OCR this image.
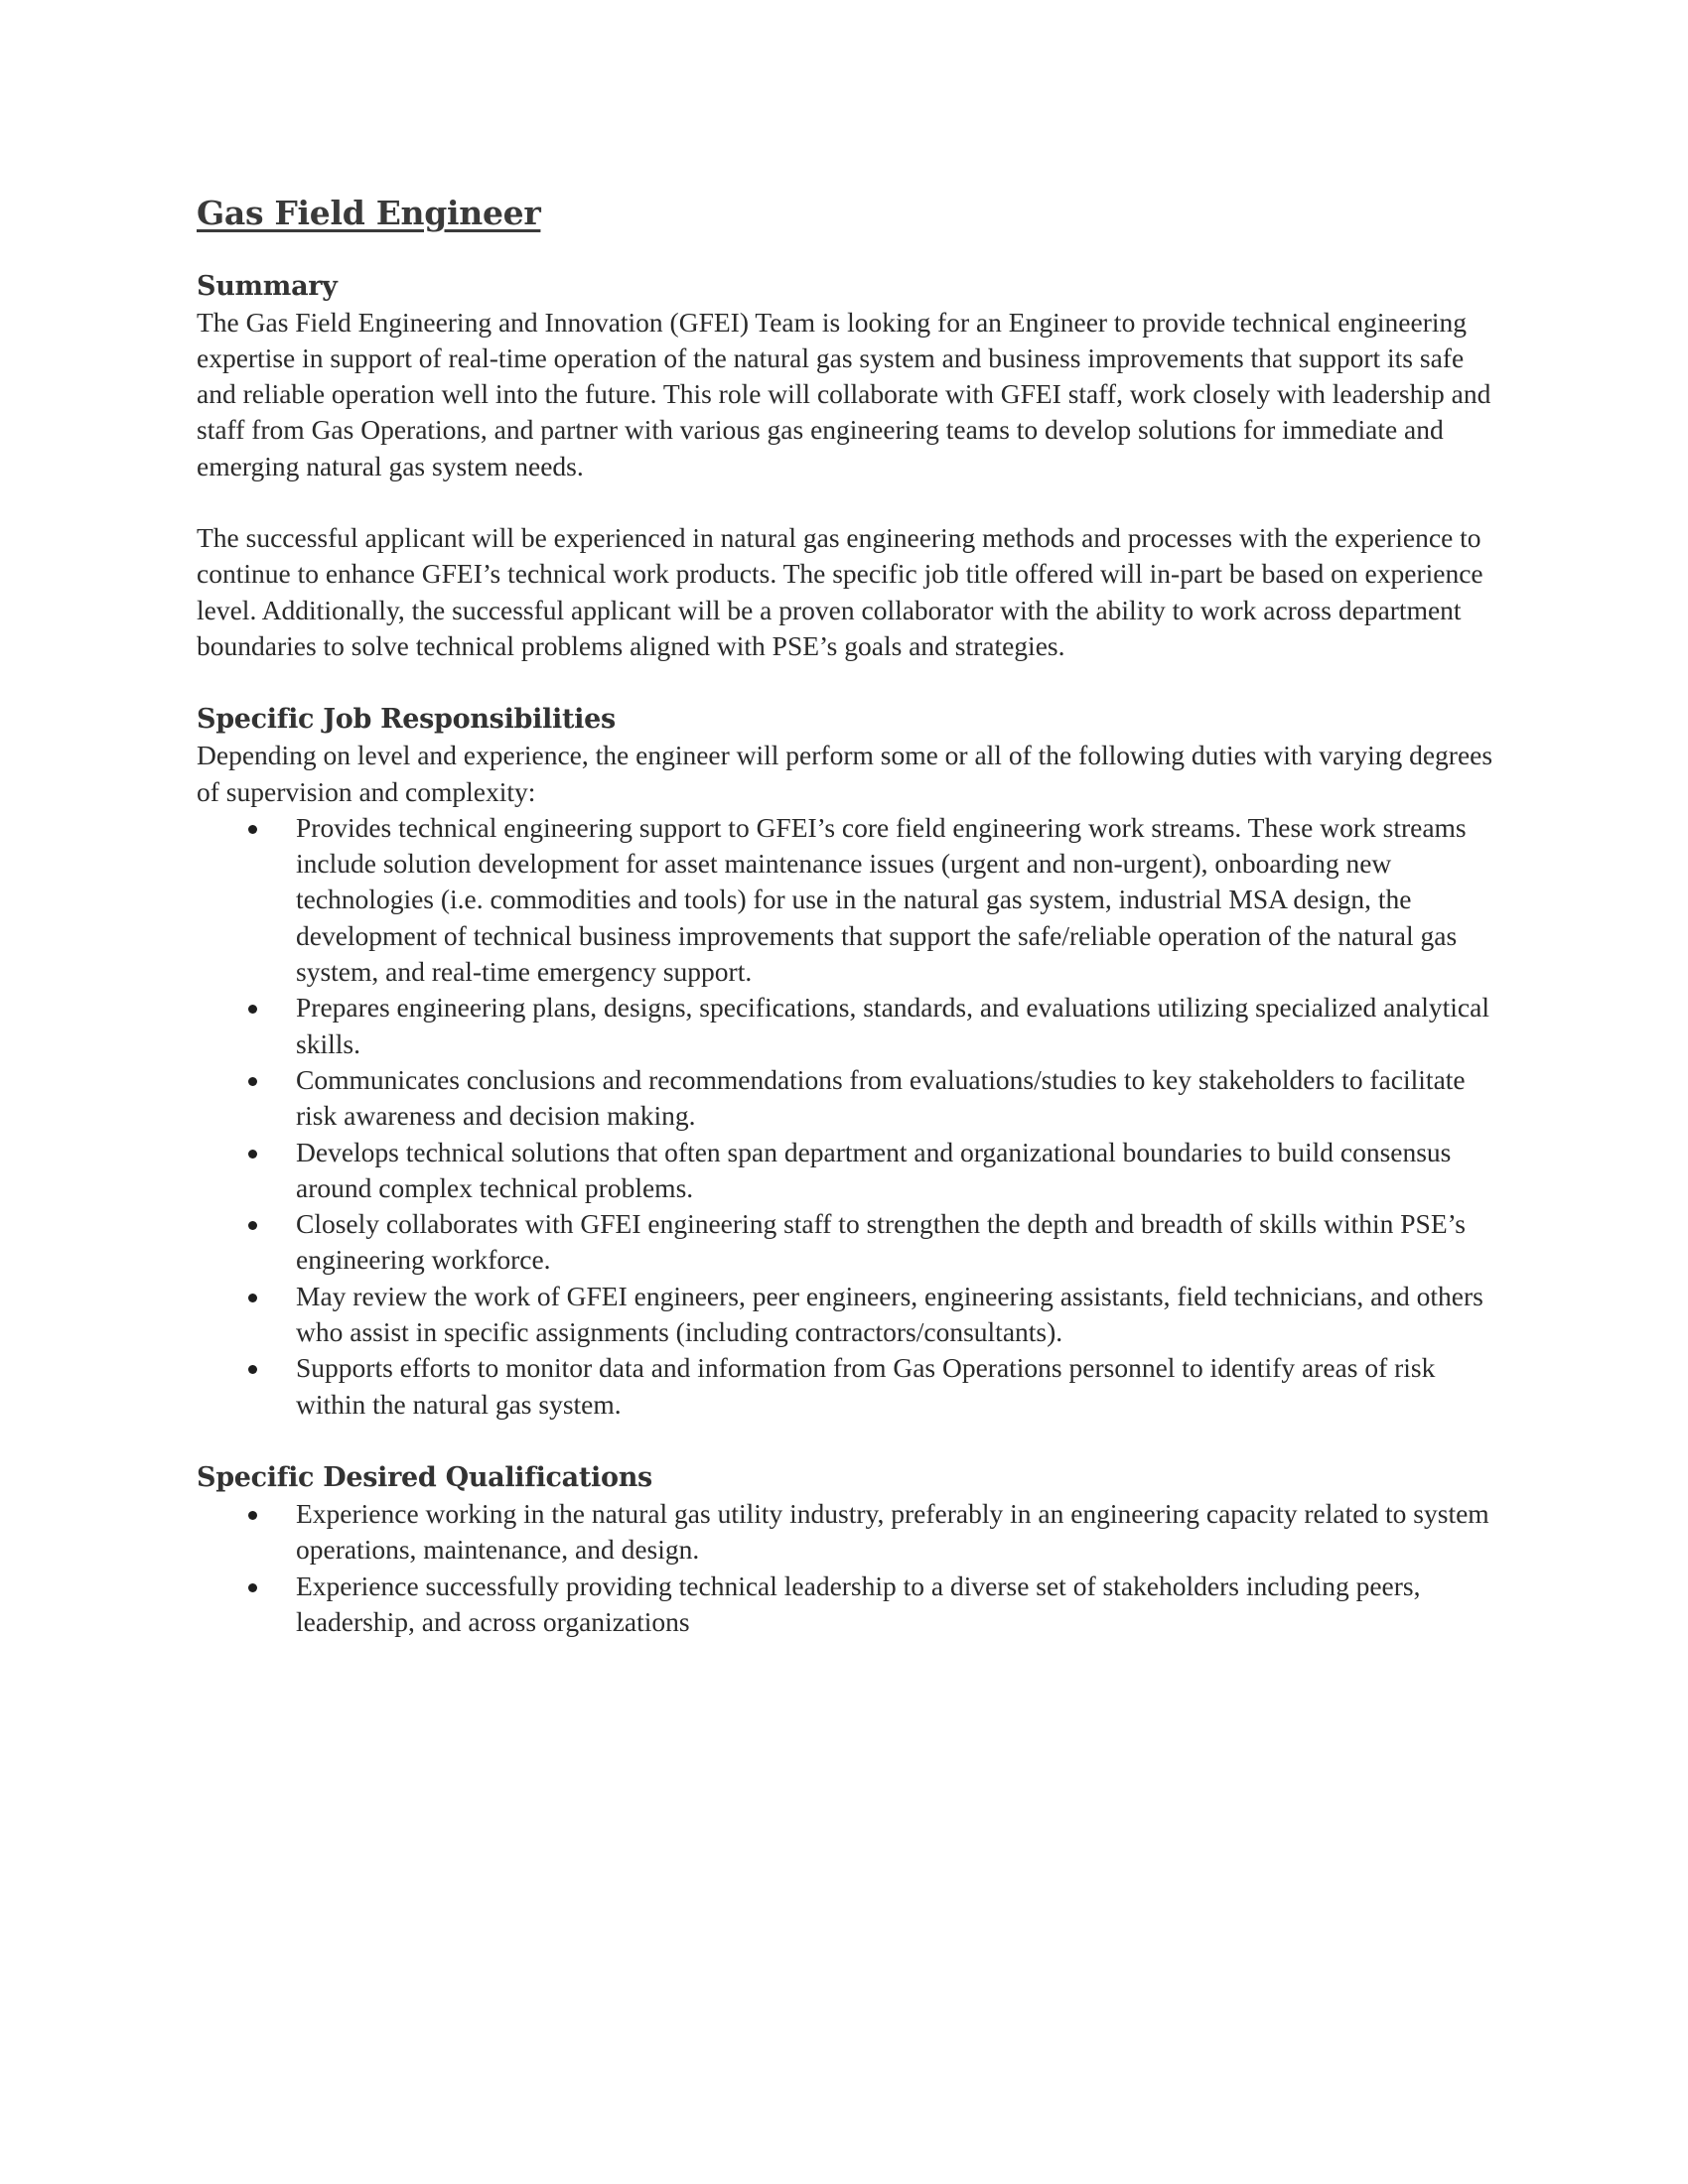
Gas Field Engineer
Summary

The Gas Field Engineering and Innovation (GFEI) Team is looking for an Engineer to provide technical engineering expertise in support of real-time operation of the natural gas system and business improvements that support its safe and reliable operation well into the future. This role will collaborate with GFEI staff, work closely with leadership and staff from Gas Operations, and partner with various gas engineering teams to develop solutions for immediate and emerging natural gas system needs.

The successful applicant will be experienced in natural gas engineering methods and processes with the experience to continue to enhance GFEI’s technical work products. The specific job title offered will in-part be based on experience level. Additionally, the successful applicant will be a proven collaborator with the ability to work across department boundaries to solve technical problems aligned with PSE’s goals and strategies.

Specific Job Responsibilities

Depending on level and experience, the engineer will perform some or all of the following duties with varying degrees of supervision and complexity:

Provides technical engineering support to GFEI’s core field engineering work streams. These work streams include solution development for asset maintenance issues (urgent and non-urgent), onboarding new technologies (i.e. commodities and tools) for use in the natural gas system, industrial MSA design, the development of technical business improvements that support the safe/reliable operation of the natural gas system, and real-time emergency support.
Prepares engineering plans, designs, specifications, standards, and evaluations utilizing specialized analytical skills.
Communicates conclusions and recommendations from evaluations/studies to key stakeholders to facilitate risk awareness and decision making.
Develops technical solutions that often span department and organizational boundaries to build consensus around complex technical problems.
Closely collaborates with GFEI engineering staff to strengthen the depth and breadth of skills within PSE’s engineering workforce.
May review the work of GFEI engineers, peer engineers, engineering assistants, field technicians, and others who assist in specific assignments (including contractors/consultants).
Supports efforts to monitor data and information from Gas Operations personnel to identify areas of risk within the natural gas system.
Specific Desired Qualifications
Experience working in the natural gas utility industry, preferably in an engineering capacity related to system operations, maintenance, and design.
Experience successfully providing technical leadership to a diverse set of stakeholders including peers, leadership, and across organizations
